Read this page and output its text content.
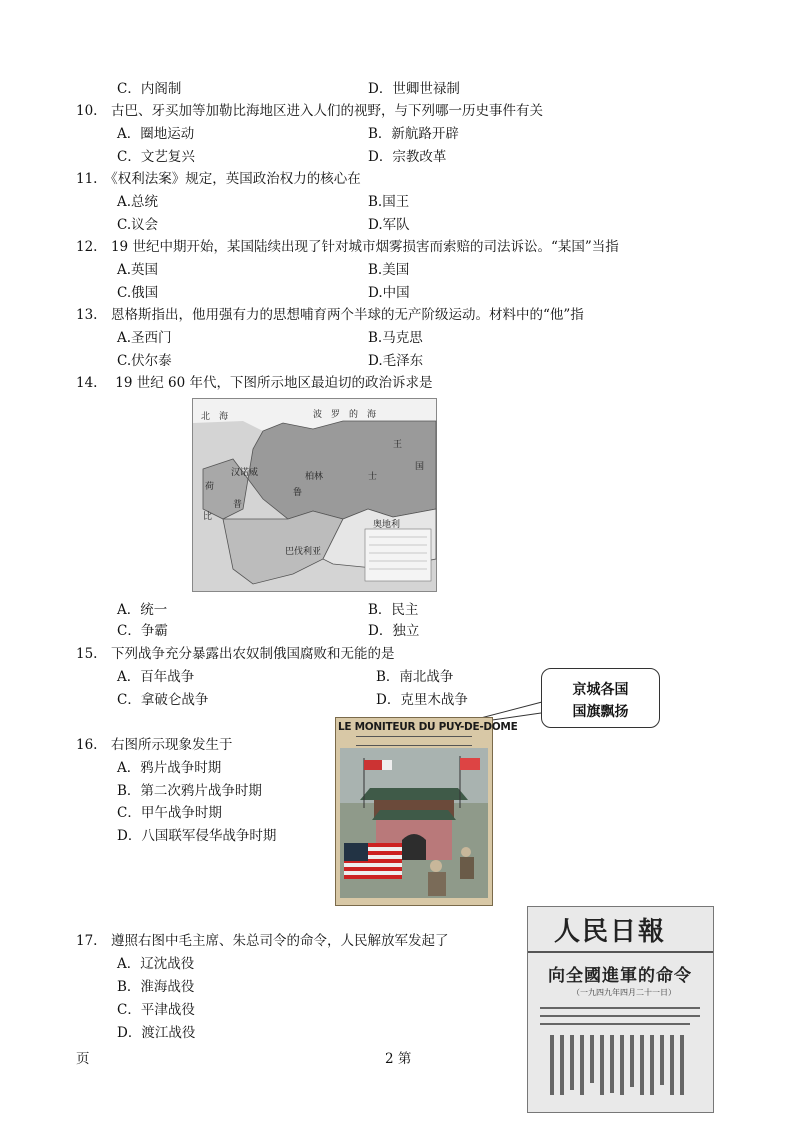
C．内阁制	D．世卿世禄制
10.　古巴、牙买加等加勒比海地区进入人们的视野，与下列哪一历史事件有关
A．圈地运动	B．新航路开辟
C．文艺复兴	D．宗教改革
11.　《权利法案》规定，英国政治权力的核心在
A.总统	B.国王
C.议会	D.军队
12.　19 世纪中期开始，某国陆续出现了针对城市烟雾损害而索赔的司法诉讼。“某国”当指
A.英国	B.美国
C.俄国	D.中国
13.　恩格斯指出，他用强有力的思想哺育两个半球的无产阶级运动。材料中的“他”指
A.圣西门	B.马克思
C.伏尔泰	D.毛泽东
14.　 19 世纪 60 年代，下图所示地区最迫切的政治诉求是
北　海	波　罗　的　海
王
国
柏林
鲁
士
普
汉诺威
荷
比
巴伐利亚
奥地利
A．统一	B．民主
C．争霸	D．独立
15.　下列战争充分暴露出农奴制俄国腐败和无能的是
A．百年战争	B．南北战争
C．拿破仑战争	D．克里木战争
京城各国
国旗飘扬
16.　右图所示现象发生于
A．鸦片战争时期
B．第二次鸦片战争时期
C．甲午战争时期
D．八国联军侵华战争时期
LE MONITEUR DU PUY-DE-DOME
17.　遵照右图中毛主席、朱总司令的命令，人民解放军发起了
A．辽沈战役
B．淮海战役
C．平津战役
D．渡江战役
人民日報
向全國進軍的命令
（一九四九年四月二十一日）
页	2 第
